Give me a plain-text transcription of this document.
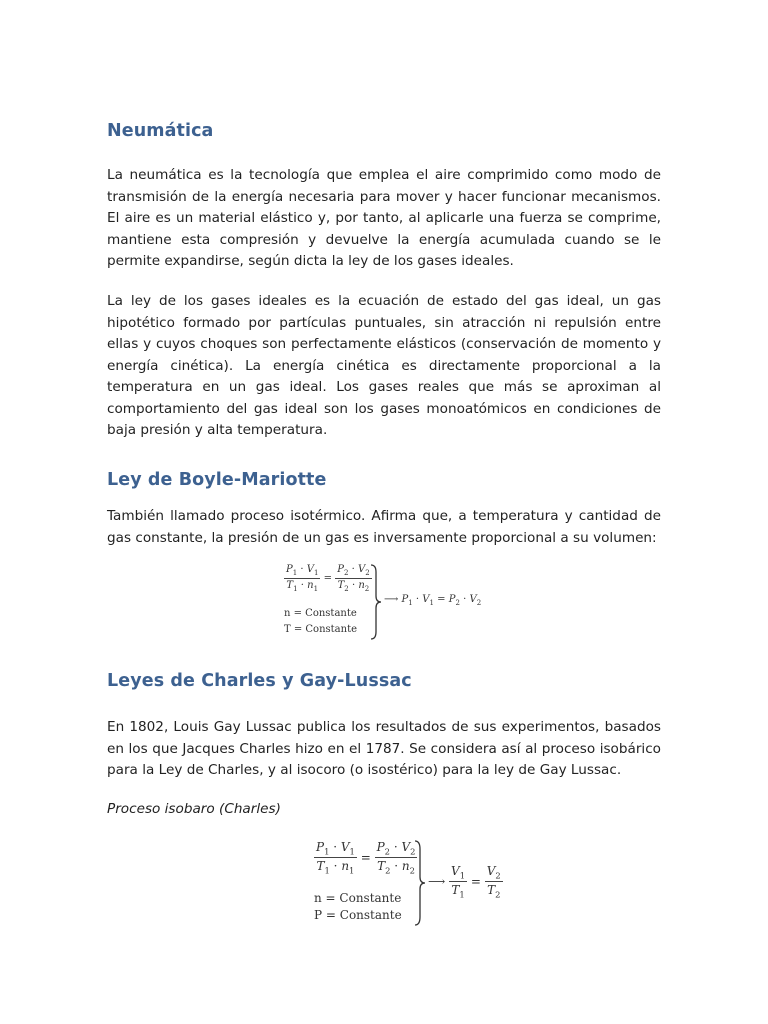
Neumática

La neumática es la tecnología que emplea el aire comprimido como modo de transmisión de la energía necesaria para mover y hacer funcionar mecanismos. El aire es un material elástico y, por tanto, al aplicarle una fuerza se comprime, mantiene esta compresión y devuelve la energía acumulada cuando se le permite expandirse, según dicta la ley de los gases ideales.

La ley de los gases ideales es la ecuación de estado del gas ideal, un gas hipotético formado por partículas puntuales, sin atracción ni repulsión entre ellas y cuyos choques son perfectamente elásticos (conservación de momento y energía cinética). La energía cinética es directamente proporcional a la temperatura en un gas ideal. Los gases reales que más se aproximan al comportamiento del gas ideal son los gases monoatómicos en condiciones de baja presión y alta temperatura.

Ley de Boyle-Mariotte

También llamado proceso isotérmico. Afirma que, a temperatura y cantidad de gas constante, la presión de un gas es inversamente proporcional a su volumen:

$\frac{P_1 \cdot V_1}{T_1 \cdot n_1} = \frac{P_2 \cdot V_2}{T_2 \cdot n_2}$
n = Constante
T = Constante
⟶ $P_1 \cdot V_1 = P_2 \cdot V_2$
Leyes de Charles y Gay-Lussac

En 1802, Louis Gay Lussac publica los resultados de sus experimentos, basados en los que Jacques Charles hizo en el 1787. Se considera así al proceso isobárico para la Ley de Charles, y al isocoro (o isostérico) para la ley de Gay Lussac.

Proceso isobaro (Charles)

$\frac{P_1 \cdot V_1}{T_1 \cdot n_1} = \frac{P_2 \cdot V_2}{T_2 \cdot n_2}$
n = Constante
P = Constante
⟶ $\frac{V_1}{T_1} = \frac{V_2}{T_2}$
